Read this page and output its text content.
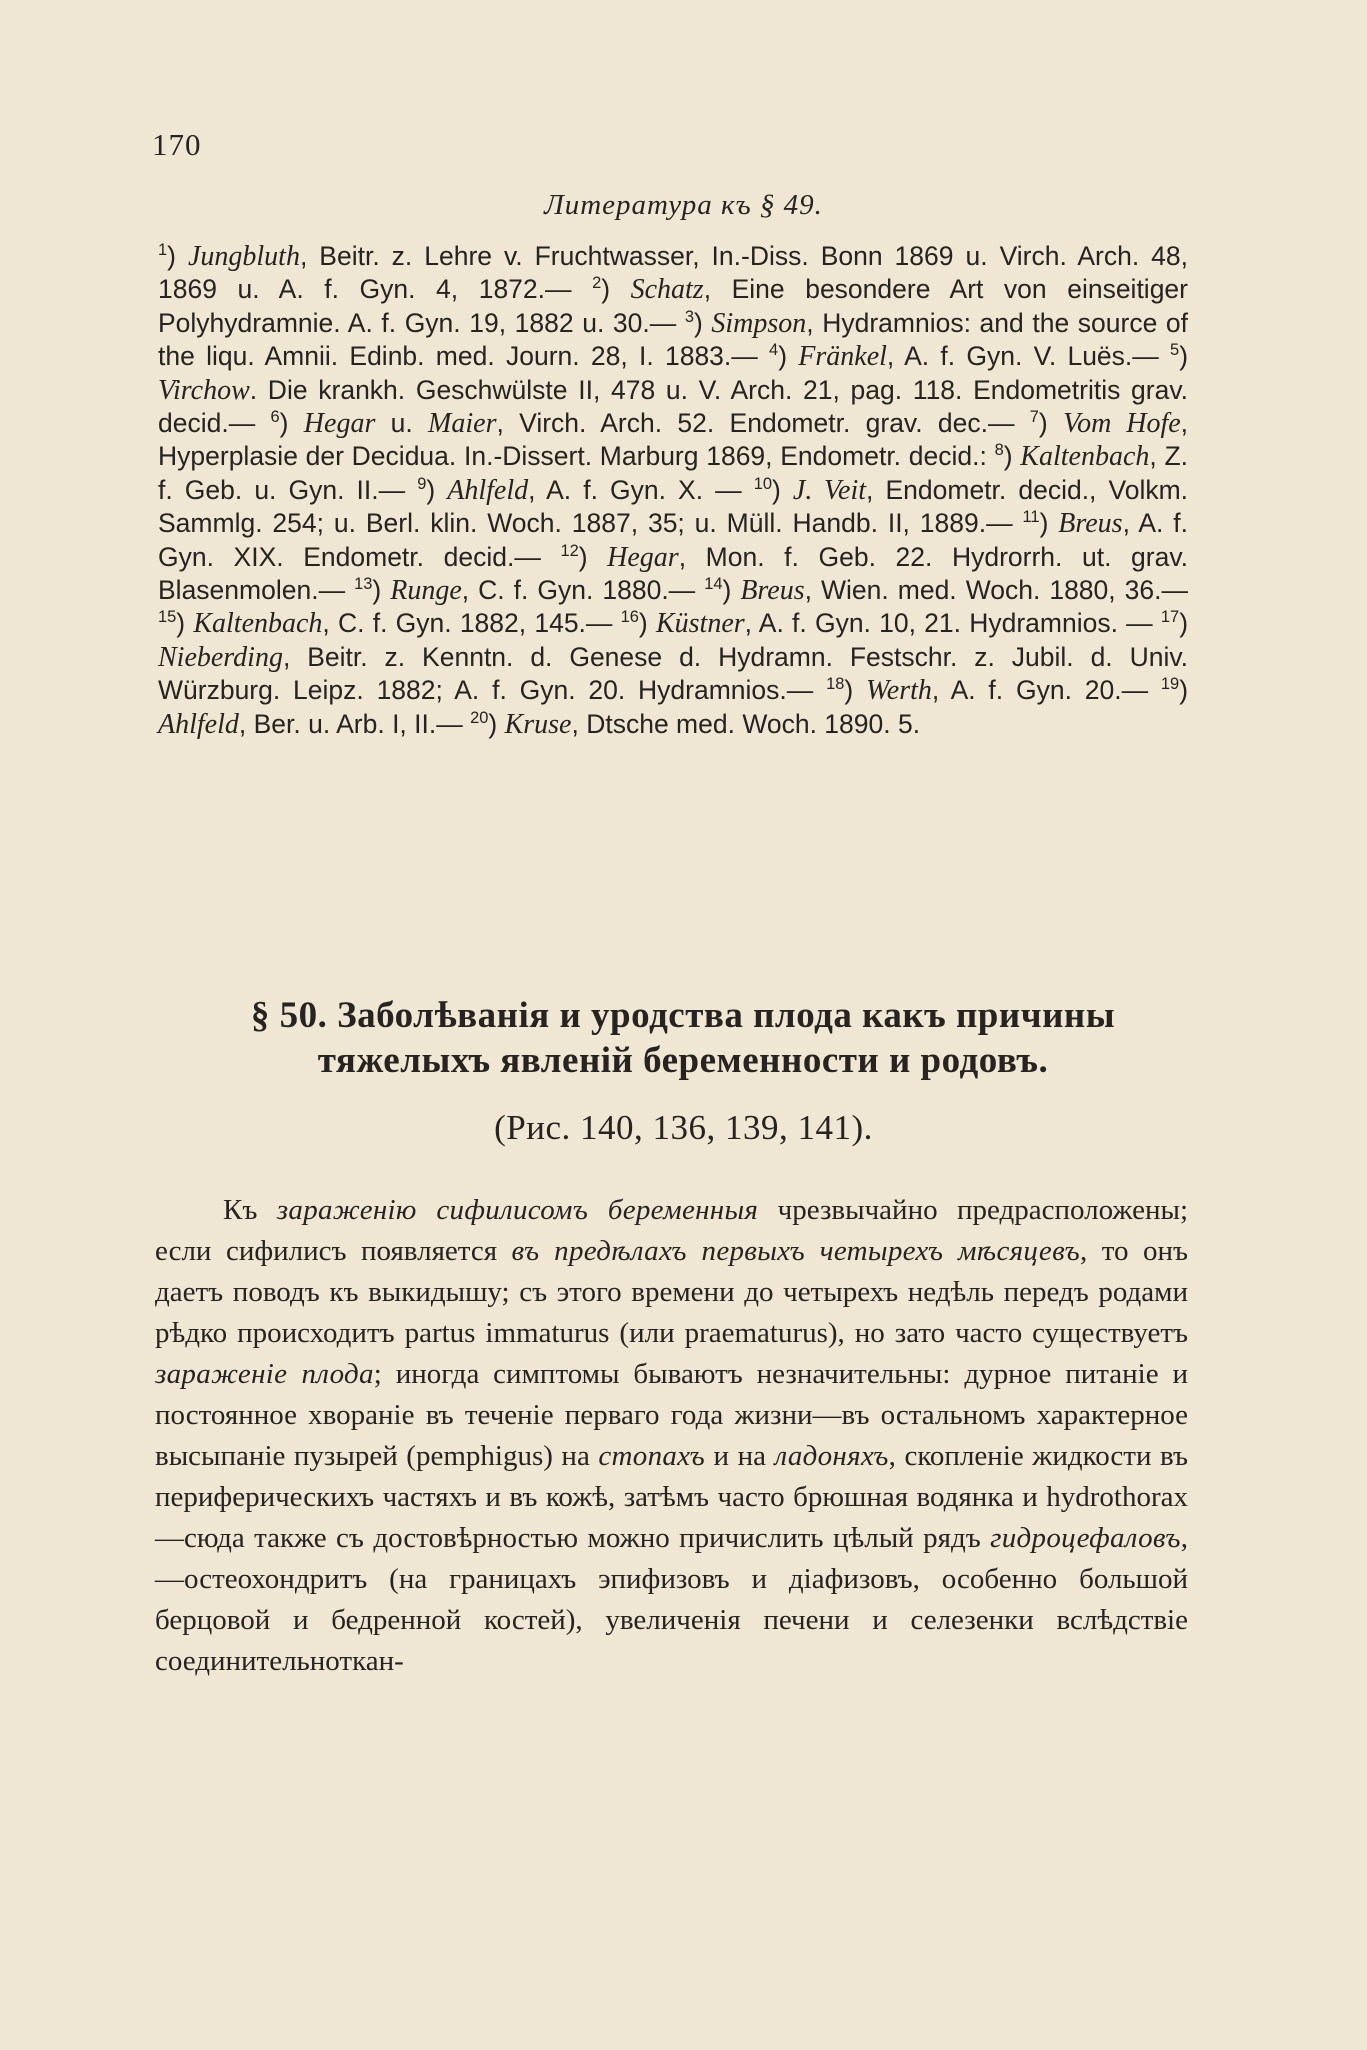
170
Литература къ § 49.
$^1$) Jungbluth, Beitr. z. Lehre v. Fruchtwasser, In.-Diss. Bonn 1869 u. Virch. Arch. 48, 1869 u. A. f. Gyn. 4, 1872.— $^2$) Schatz, Eine besondere Art von einseitiger Polyhydramnie. A. f. Gyn. 19, 1882 u. 30.— $^3$) Simpson, Hydramnios: and the source of the liqu. Amnii. Edinb. med. Journ. 28, I. 1883.— $^4$) Fränkel, A. f. Gyn. V. Luës.— $^5$) Virchow. Die krankh. Geschwülste II, 478 u. V. Arch. 21, pag. 118. Endometritis grav. decid.— $^6$) Hegar u. Maier, Virch. Arch. 52. Endometr. grav. dec.— $^7$) Vom Hofe, Hyperplasie der Decidua. In.-Dissert. Marburg 1869, Endometr. decid.: $^8$) Kaltenbach, Z. f. Geb. u. Gyn. II.— $^9$) Ahlfeld, A. f. Gyn. X. — $^{10}$) J. Veit, Endometr. decid., Volkm. Sammlg. 254; u. Berl. klin. Woch. 1887, 35; u. Müll. Handb. II, 1889.— $^{11}$) Breus, A. f. Gyn. XIX. Endometr. decid.— $^{12}$) Hegar, Mon. f. Geb. 22. Hydrorrh. ut. grav. Blasenmolen.— $^{13}$) Runge, C. f. Gyn. 1880.— $^{14}$) Breus, Wien. med. Woch. 1880, 36.— $^{15}$) Kaltenbach, C. f. Gyn. 1882, 145.— $^{16}$) Küstner, A. f. Gyn. 10, 21. Hydramnios. — $^{17}$) Nieberding, Beitr. z. Kenntn. d. Genese d. Hydramn. Festschr. z. Jubil. d. Univ. Würzburg. Leipz. 1882; A. f. Gyn. 20. Hydramnios.— $^{18}$) Werth, A. f. Gyn. 20.— $^{19}$) Ahlfeld, Ber. u. Arb. I, II.— $^{20}$) Kruse, Dtsche med. Woch. 1890. 5.
§ 50. Заболѣванія и уродства плода какъ причины
тяжелыхъ явленій беременности и родовъ.
(Рис. 140, 136, 139, 141).

Къ зараженію сифилисомъ беременныя чрезвычайно предрасположены; если сифилисъ появляется въ предѣлахъ первыхъ четырехъ мѣсяцевъ, то онъ даетъ поводъ къ выкидышу; съ этого времени до четырехъ недѣль передъ родами рѣдко происходитъ partus immaturus (или praematurus), но зато часто существуетъ зараженіе плода; иногда симптомы бываютъ незначительны: дурное питаніе и постоянное хвораніе въ теченіе перваго года жизни—въ остальномъ характерное высыпаніе пузырей (pemphigus) на стопахъ и на ладоняхъ, скопленіе жидкости въ периферическихъ частяхъ и въ кожѣ, затѣмъ часто брюшная водянка и hydrothorax—сюда также съ достовѣрностью можно причислить цѣлый рядъ гидроцефаловъ,—остеохондритъ (на границахъ эпифизовъ и діафизовъ, особенно большой берцовой и бедренной костей), увеличенія печени и селезенки вслѣдствіе соединительноткан-
